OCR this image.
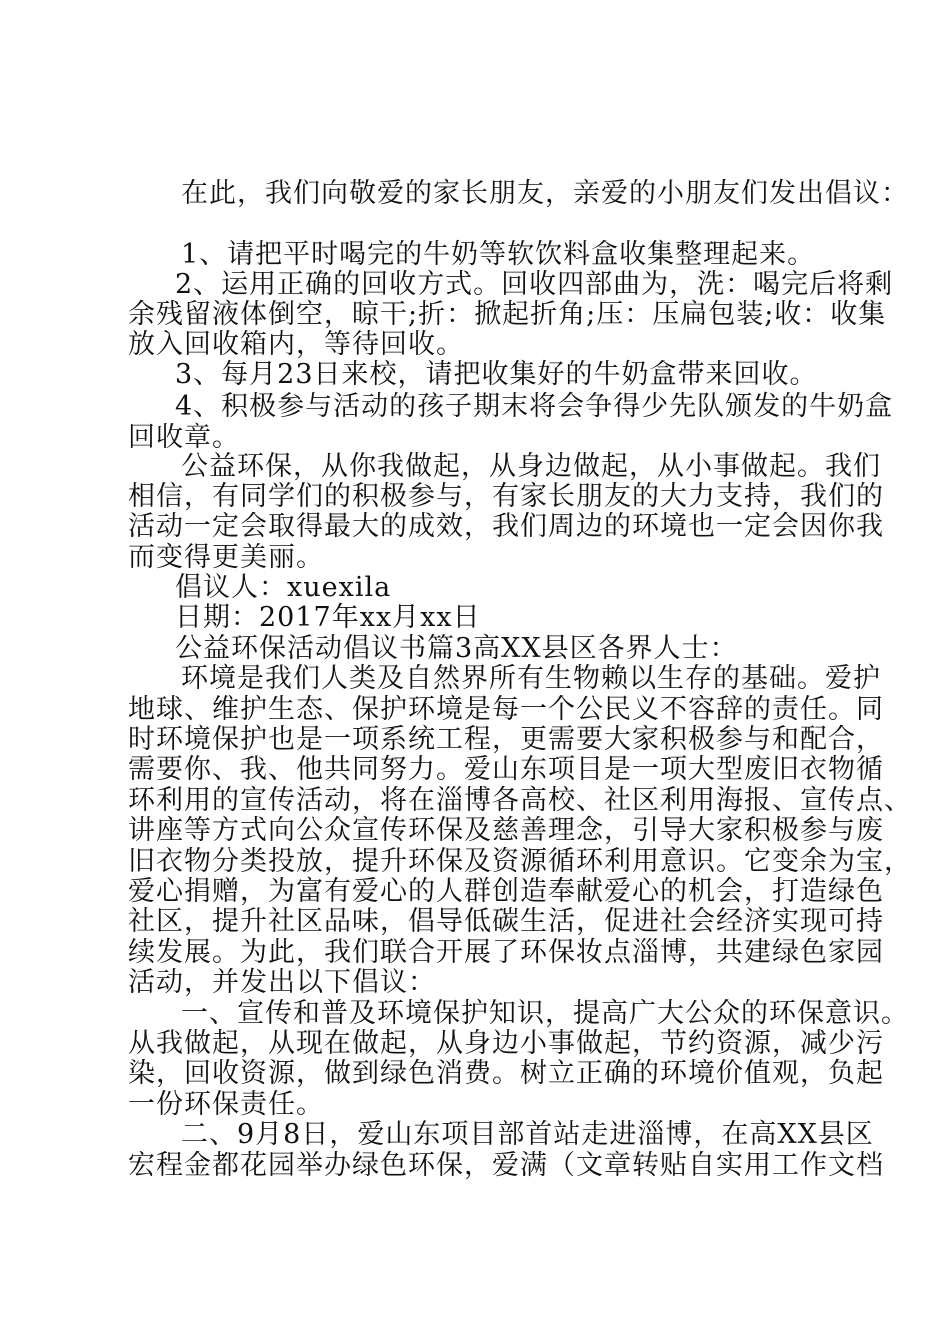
在此，我们向敬爱的家长朋友，亲爱的小朋友们发出倡议：
1、请把平时喝完的牛奶等软饮料盒收集整理起来。
2、运用正确的回收方式。回收四部曲为，洗：喝完后将剩
余残留液体倒空，晾干;折：掀起折角;压：压扁包装;收：收集
放入回收箱内，等待回收。
3、每月23日来校，请把收集好的牛奶盒带来回收。
4、积极参与活动的孩子期末将会争得少先队颁发的牛奶盒
回收章。
公益环保，从你我做起，从身边做起，从小事做起。我们
相信，有同学们的积极参与，有家长朋友的大力支持，我们的
活动一定会取得最大的成效，我们周边的环境也一定会因你我
而变得更美丽。
倡议人：xuexila
日期：2017年xx月xx日
公益环保活动倡议书篇3高XX县区各界人士：
环境是我们人类及自然界所有生物赖以生存的基础。爱护
地球、维护生态、保护环境是每一个公民义不容辞的责任。同
时环境保护也是一项系统工程，更需要大家积极参与和配合，
需要你、我、他共同努力。爱山东项目是一项大型废旧衣物循
环利用的宣传活动，将在淄博各高校、社区利用海报、宣传点、
讲座等方式向公众宣传环保及慈善理念，引导大家积极参与废
旧衣物分类投放，提升环保及资源循环利用意识。它变余为宝，
爱心捐赠，为富有爱心的人群创造奉献爱心的机会，打造绿色
社区，提升社区品味，倡导低碳生活，促进社会经济实现可持
续发展。为此，我们联合开展了环保妆点淄博，共建绿色家园
活动，并发出以下倡议：
一、宣传和普及环境保护知识，提高广大公众的环保意识。
从我做起，从现在做起，从身边小事做起，节约资源，减少污
染，回收资源，做到绿色消费。树立正确的环境价值观，负起
一份环保责任。
二、9月8日，爱山东项目部首站走进淄博，在高XX县区
宏程金都花园举办绿色环保，爱满（文章转贴自实用工作文档
